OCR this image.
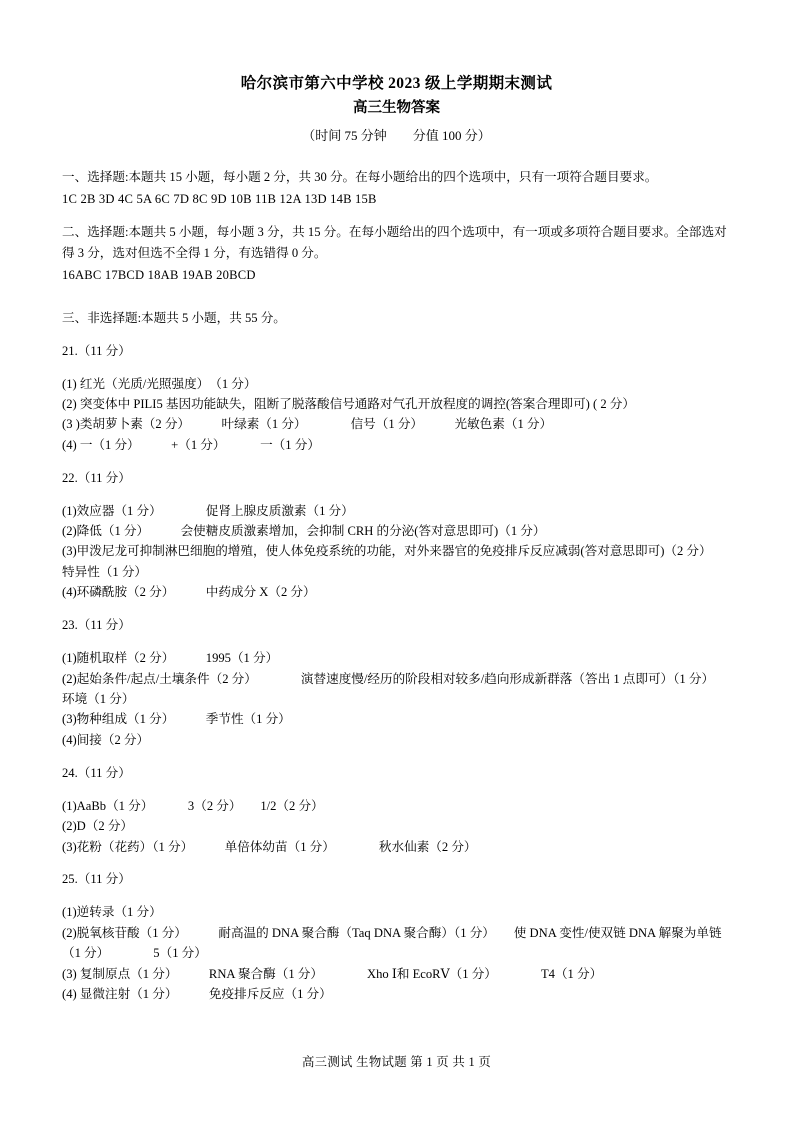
哈尔滨市第六中学校 2023 级上学期期末测试
高三生物答案
（时间 75 分钟　　分值 100 分）

一、选择题:本题共 15 小题，每小题 2 分，共 30 分。在每小题给出的四个选项中，只有一项符合题目要求。

1C 2B 3D 4C 5A 6C 7D 8C 9D 10B 11B 12A 13D 14B 15B

二、选择题:本题共 5 小题，每小题 3 分，共 15 分。在每小题给出的四个选项中，有一项或多项符合题目要求。全部选对得 3 分，选对但选不全得 1 分，有选错得 0 分。

16ABC 17BCD 18AB 19AB 20BCD

三、非选择题:本题共 5 小题，共 55 分。

21.（11 分）

(1) 红光（光质/光照强度）　（1 分）

(2) 突变体中 PILI5 基因功能缺失，阻断了脱落酸信号通路对气孔开放程度的调控(答案合理即可) ( 2 分）

(3 )类胡萝卜素（2 分）　　　叶绿素（1 分）　　　　信号（1 分）　　　光敏色素（1 分）

(4) 一（1 分）　　　+（1 分）　　　 一（1 分）

22.（11 分）

(1)效应器（1 分）　　　　促肾上腺皮质激素（1 分）

(2)降低（1 分）　　　会使糖皮质激素增加，会抑制 CRH 的分泌(答对意思即可)（1 分）

(3)甲泼尼龙可抑制淋巴细胞的增殖，使人体免疫系统的功能，对外来器官的免疫排斥反应减弱(答对意思即可)（2 分）　　　特异性（1 分）

(4)环磷酰胺（2 分）　　　中药成分 X（2 分）

23.（11 分）

(1)随机取样（2 分）　　　1995（1 分）

(2)起始条件/起点/土壤条件（2 分）　　　　演替速度慢/经历的阶段相对较多/趋向形成新群落（答出 1 点即可）（1 分）　　环境（1 分）

(3)物种组成（1 分）　　　季节性（1 分）

(4)间接（2 分）

24.（11 分）

(1)AaBb（1 分）　　　 3（2 分）　　1/2（2 分）

(2)D（2 分）

(3)花粉（花药）（1 分）　　　单倍体幼苗（1 分）　　　　秋水仙素（2 分）

25.（11 分）

(1)逆转录（1 分）

(2)脱氧核苷酸（1 分）　　　耐高温的 DNA 聚合酶（Taq DNA 聚合酶）（1 分）　　使 DNA 变性/使双链 DNA 解聚为单链（1 分）　　　　5（1 分）

(3) 复制原点（1 分）　　　RNA 聚合酶（1 分）　　　　Xho Ⅰ和 EcoRⅤ（1 分）　　　　T4（1 分）

(4) 显微注射（1 分）　　　免疫排斥反应（1 分）

高三测试 生物试题 第 1 页 共 1 页
